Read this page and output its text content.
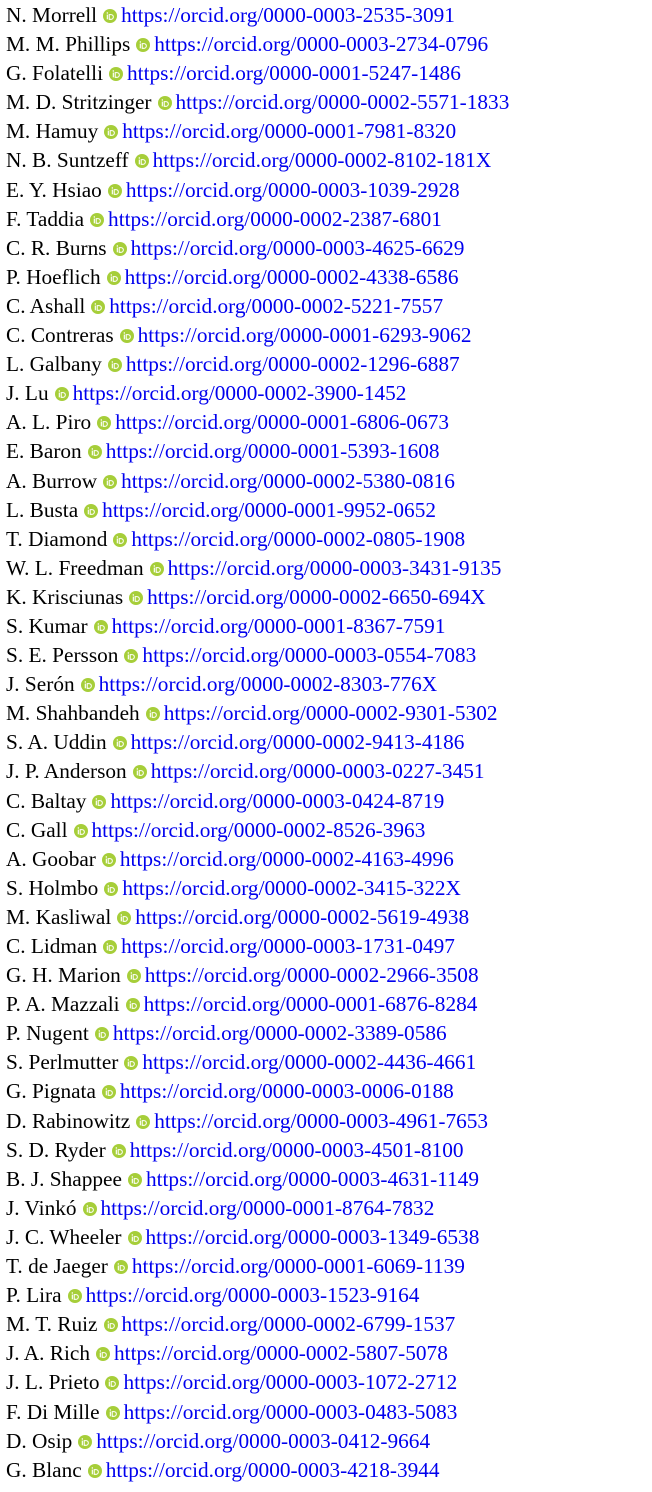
N. Morrell https://orcid.org/0000-0003-2535-3091
M. M. Phillips https://orcid.org/0000-0003-2734-0796
G. Folatelli https://orcid.org/0000-0001-5247-1486
M. D. Stritzinger https://orcid.org/0000-0002-5571-1833
M. Hamuy https://orcid.org/0000-0001-7981-8320
N. B. Suntzeff https://orcid.org/0000-0002-8102-181X
E. Y. Hsiao https://orcid.org/0000-0003-1039-2928
F. Taddia https://orcid.org/0000-0002-2387-6801
C. R. Burns https://orcid.org/0000-0003-4625-6629
P. Hoeflich https://orcid.org/0000-0002-4338-6586
C. Ashall https://orcid.org/0000-0002-5221-7557
C. Contreras https://orcid.org/0000-0001-6293-9062
L. Galbany https://orcid.org/0000-0002-1296-6887
J. Lu https://orcid.org/0000-0002-3900-1452
A. L. Piro https://orcid.org/0000-0001-6806-0673
E. Baron https://orcid.org/0000-0001-5393-1608
A. Burrow https://orcid.org/0000-0002-5380-0816
L. Busta https://orcid.org/0000-0001-9952-0652
T. Diamond https://orcid.org/0000-0002-0805-1908
W. L. Freedman https://orcid.org/0000-0003-3431-9135
K. Krisciunas https://orcid.org/0000-0002-6650-694X
S. Kumar https://orcid.org/0000-0001-8367-7591
S. E. Persson https://orcid.org/0000-0003-0554-7083
J. Serón https://orcid.org/0000-0002-8303-776X
M. Shahbandeh https://orcid.org/0000-0002-9301-5302
S. A. Uddin https://orcid.org/0000-0002-9413-4186
J. P. Anderson https://orcid.org/0000-0003-0227-3451
C. Baltay https://orcid.org/0000-0003-0424-8719
C. Gall https://orcid.org/0000-0002-8526-3963
A. Goobar https://orcid.org/0000-0002-4163-4996
S. Holmbo https://orcid.org/0000-0002-3415-322X
M. Kasliwal https://orcid.org/0000-0002-5619-4938
C. Lidman https://orcid.org/0000-0003-1731-0497
G. H. Marion https://orcid.org/0000-0002-2966-3508
P. A. Mazzali https://orcid.org/0000-0001-6876-8284
P. Nugent https://orcid.org/0000-0002-3389-0586
S. Perlmutter https://orcid.org/0000-0002-4436-4661
G. Pignata https://orcid.org/0000-0003-0006-0188
D. Rabinowitz https://orcid.org/0000-0003-4961-7653
S. D. Ryder https://orcid.org/0000-0003-4501-8100
B. J. Shappee https://orcid.org/0000-0003-4631-1149
J. Vinkó https://orcid.org/0000-0001-8764-7832
J. C. Wheeler https://orcid.org/0000-0003-1349-6538
T. de Jaeger https://orcid.org/0000-0001-6069-1139
P. Lira https://orcid.org/0000-0003-1523-9164
M. T. Ruiz https://orcid.org/0000-0002-6799-1537
J. A. Rich https://orcid.org/0000-0002-5807-5078
J. L. Prieto https://orcid.org/0000-0003-1072-2712
F. Di Mille https://orcid.org/0000-0003-0483-5083
D. Osip https://orcid.org/0000-0003-0412-9664
G. Blanc https://orcid.org/0000-0003-4218-3944
